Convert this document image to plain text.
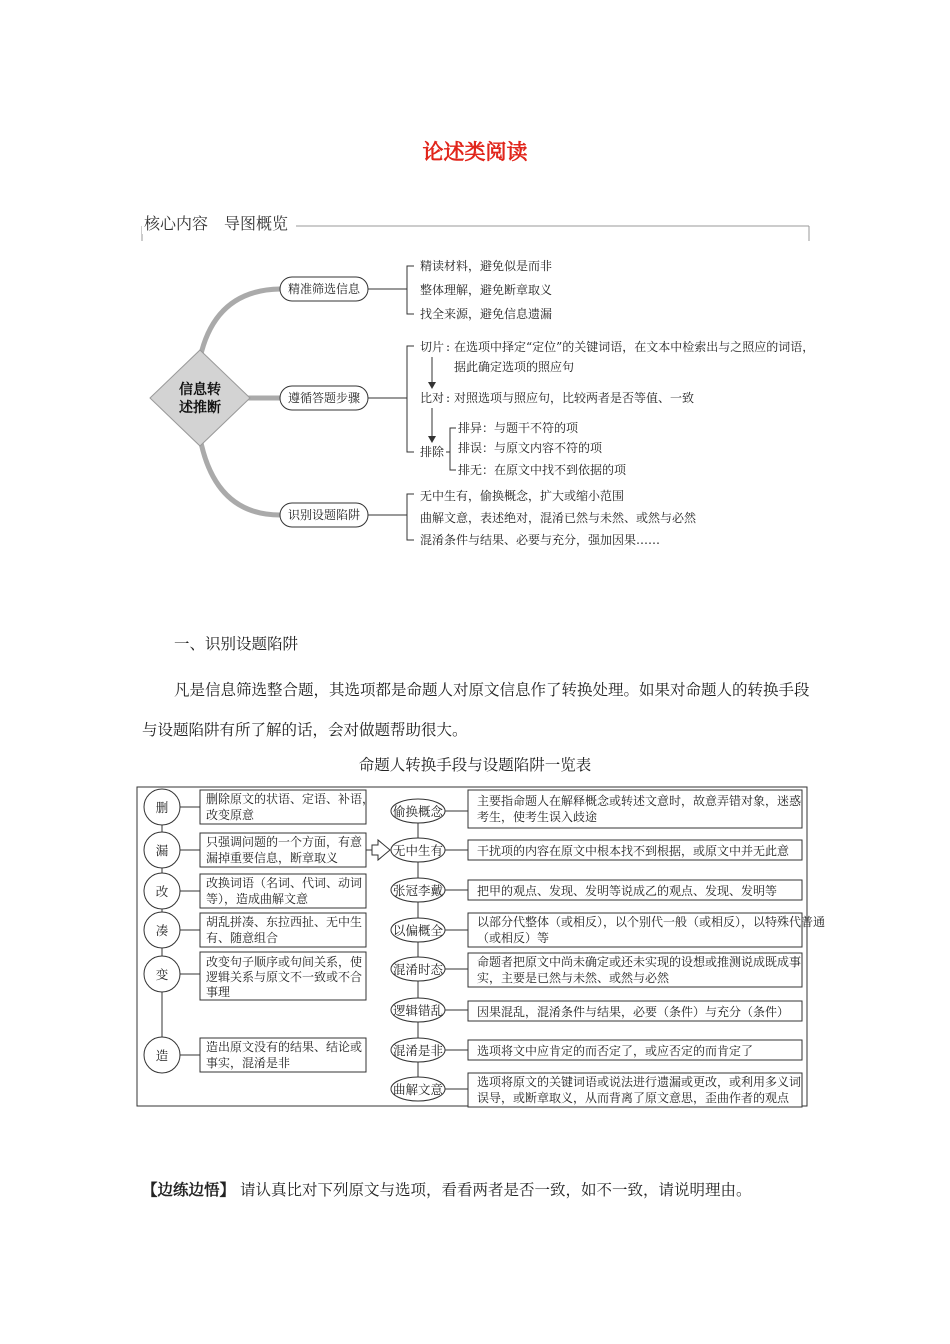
论述类阅读
核心内容　导图概览
信息转
述推断
精准筛选信息
遵循答题步骤
识别设题陷阱
精读材料，避免似是而非
整体理解，避免断章取义
找全来源，避免信息遗漏
切片 : 在选项中择定“定位”的关键词语，在文本中检索出与之照应的词语，
据此确定选项的照应句
比对 : 对照选项与照应句，比较两者是否等值、一致
排除
排异：与题干不符的项
排误：与原文内容不符的项
排无：在原文中找不到依据的项
无中生有，偷换概念，扩大或缩小范围
曲解文意，表述绝对，混淆已然与未然、或然与必然
混淆条件与结果、必要与充分，强加因果……
一、识别设题陷阱
凡是信息筛选整合题，其选项都是命题人对原文信息作了转换处理。如果对命题人的转换手段与设题陷阱有所了解的话，会对做题帮助很大。
命题人转换手段与设题陷阱一览表
删
删除原文的状语、定语、补语，
改变原意
漏
只强调问题的一个方面，有意
漏掉重要信息，断章取义
改
改换词语（名词、代词、动词
等），造成曲解文意
凑
胡乱拼凑、东拉西扯、无中生
有、随意组合
变
改变句子顺序或句间关系，使
逻辑关系与原文不一致或不合
事理
造
造出原文没有的结果、结论或
事实，混淆是非
偷换概念
主要指命题人在解释概念或转述文意时，故意弄错对象，迷惑
考生，使考生误入歧途
无中生有	干扰项的内容在原文中根本找不到根据，或原文中并无此意
张冠李戴	把甲的观点、发现、发明等说成乙的观点、发现、发明等
以偏概全
以部分代整体（或相反），以个别代一般（或相反），以特殊代普通
（或相反）等
混淆时态	命题者把原文中尚未确定或还未实现的设想或推测说成既成事
实，主要是已然与未然、或然与必然
逻辑错乱	因果混乱，混淆条件与结果，必要（条件）与充分（条件）
混淆是非	选项将文中应肯定的而否定了，或应否定的而肯定了
曲解文意	选项将原文的关键词语或说法进行遗漏或更改，或利用多义词
误导，或断章取义，从而背离了原文意思，歪曲作者的观点
【边练边悟】 请认真比对下列原文与选项，看看两者是否一致，如不一致，请说明理由。
